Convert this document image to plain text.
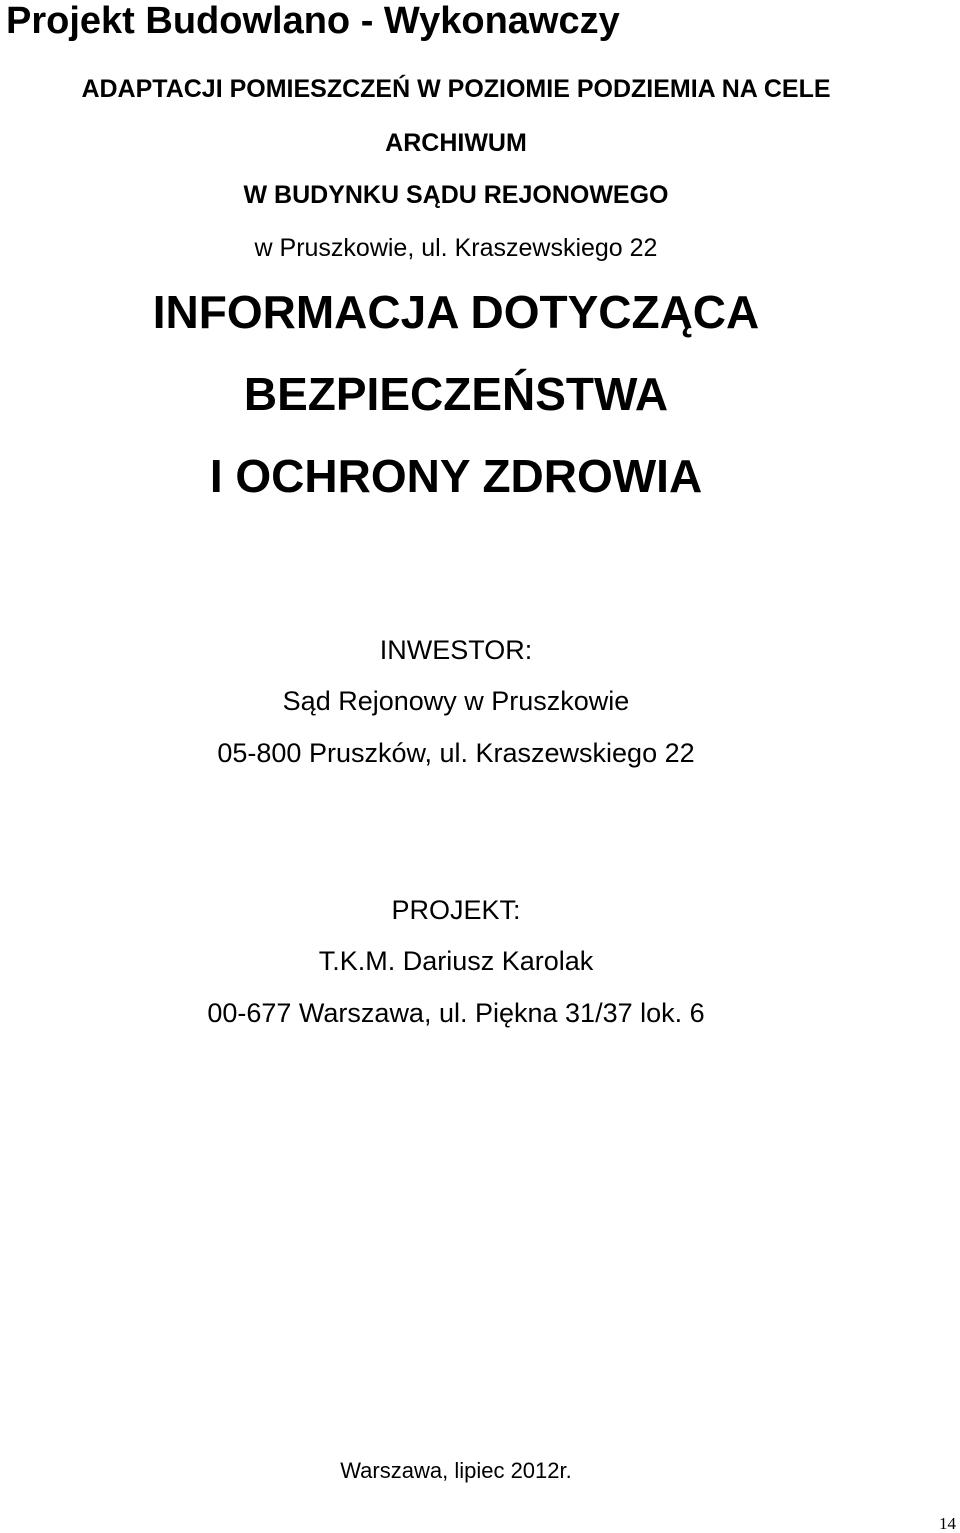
Projekt Budowlano - Wykonawczy
ADAPTACJI POMIESZCZEŃ W POZIOMIE PODZIEMIA NA CELE
ARCHIWUM
W BUDYNKU SĄDU REJONOWEGO
w Pruszkowie, ul. Kraszewskiego 22
INFORMACJA DOTYCZĄCA
BEZPIECZEŃSTWA
I OCHRONY ZDROWIA
INWESTOR:
Sąd Rejonowy w Pruszkowie
05-800 Pruszków, ul. Kraszewskiego 22
PROJEKT:
T.K.M. Dariusz Karolak
00-677 Warszawa, ul. Piękna 31/37 lok. 6
Warszawa, lipiec 2012r.
14
